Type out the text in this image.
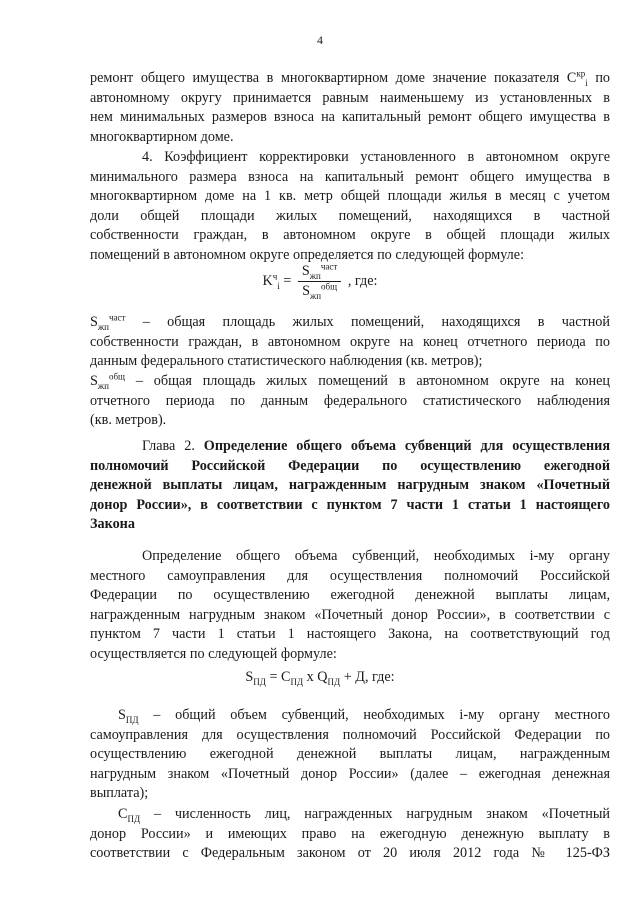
4
ремонт общего имущества в многоквартирном доме значение показателя $C^{кр}_i$ по
автономному округу принимается равным наименьшему из установленных в
нем минимальных размеров взноса на капитальный ремонт общего имущества в
многоквартирном доме.
4. Коэффициент корректировки установленного в автономном округе
минимального размера взноса на капитальный ремонт общего имущества в
многоквартирном доме на 1 кв. метр общей площади жилья в месяц с учетом
доли общей площади жилых помещений, находящихся в частной
собственности граждан, в автономном округе в общей площади жилых
помещений в автономном округе определяется по следующей формуле:
$K^ч_i = \frac{S_{жп}^{част}}{S_{жп}^{общ}}$ , где:
$S_{жп}^{част}$ – общая площадь жилых помещений, находящихся в частной
собственности граждан, в автономном округе на конец отчетного периода по
данным федерального статистического наблюдения (кв. метров);
$S_{жп}^{общ}$ – общая площадь жилых помещений в автономном округе на конец
отчетного периода по данным федерального статистического наблюдения
(кв. метров).
Глава 2. Определение общего объема субвенций для осуществления
полномочий Российской Федерации по осуществлению ежегодной
денежной выплаты лицам, награжденным нагрудным знаком «Почетный
донор России», в соответствии с пунктом 7 части 1 статьи 1 настоящего
Закона
Определение общего объема субвенций, необходимых i-му органу
местного самоуправления для осуществления полномочий Российской
Федерации по осуществлению ежегодной денежной выплаты лицам,
награжденным нагрудным знаком «Почетный донор России», в соответствии с
пунктом 7 части 1 статьи 1 настоящего Закона, на соответствующий год
осуществляется по следующей формуле:
$S_{ПД} = C_{ПД}$ x $Q_{ПД} + Д$, где:
$S_{ПД}$ – общий объем субвенций, необходимых i-му органу местного
самоуправления для осуществления полномочий Российской Федерации по
осуществлению ежегодной денежной выплаты лицам, награжденным
нагрудным знаком «Почетный донор России» (далее – ежегодная денежная
выплата);
$C_{ПД}$ – численность лиц, награжденных нагрудным знаком «Почетный
донор России» и имеющих право на ежегодную денежную выплату в
соответствии с Федеральным законом от 20 июля 2012 года № 125-ФЗ
